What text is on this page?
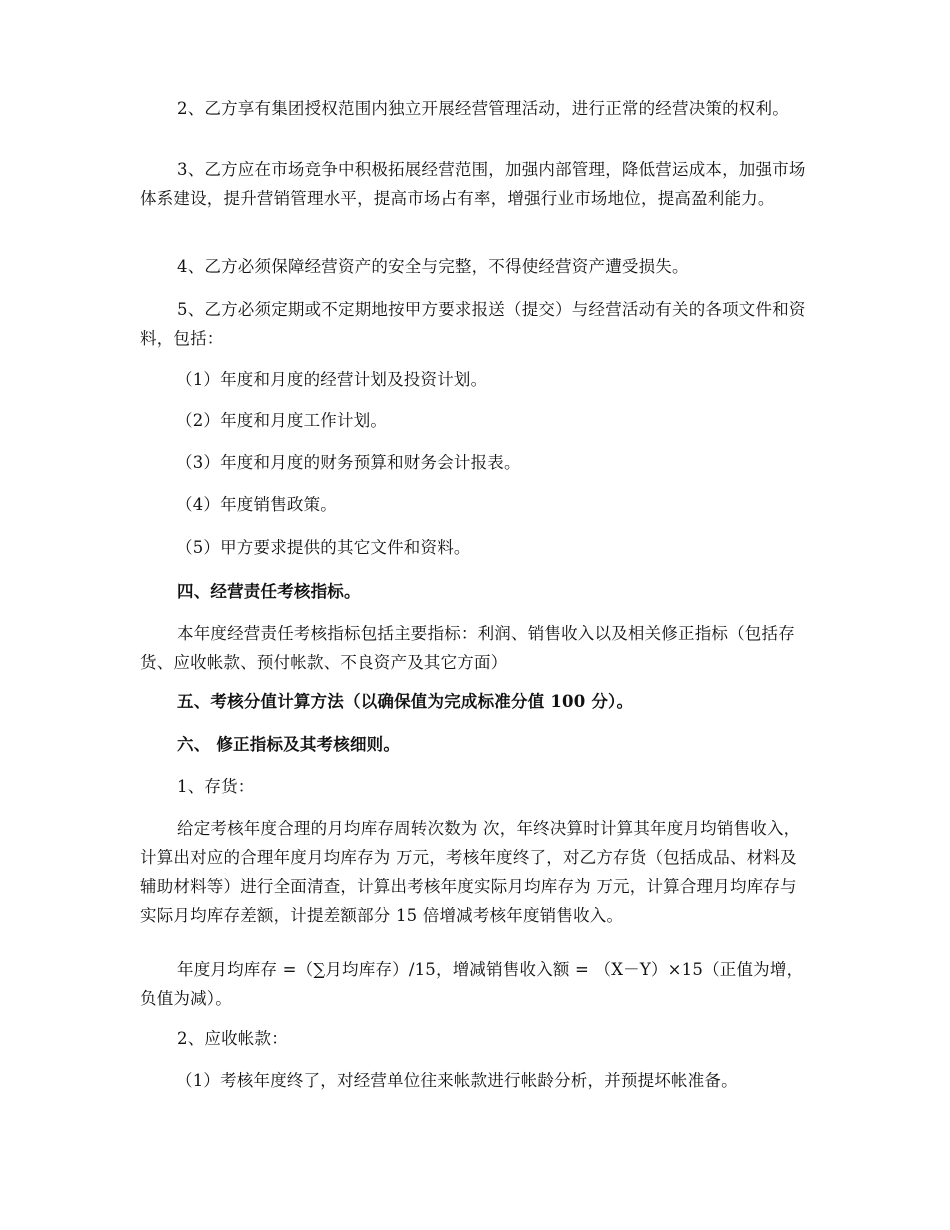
2、乙方享有集团授权范围内独立开展经营管理活动，进行正常的经营决策的权利。

3、乙方应在市场竞争中积极拓展经营范围，加强内部管理，降低营运成本，加强市场体系建设，提升营销管理水平，提高市场占有率，增强行业市场地位，提高盈利能力。

4、乙方必须保障经营资产的安全与完整，不得使经营资产遭受损失。

5、乙方必须定期或不定期地按甲方要求报送（提交）与经营活动有关的各项文件和资料，包括：

（1）年度和月度的经营计划及投资计划。

（2）年度和月度工作计划。

（3）年度和月度的财务预算和财务会计报表。

（4）年度销售政策。

（5）甲方要求提供的其它文件和资料。

四、经营责任考核指标。

本年度经营责任考核指标包括主要指标：利润、销售收入以及相关修正指标（包括存货、应收帐款、预付帐款、不良资产及其它方面）

五、考核分值计算方法（以确保值为完成标准分值 100 分）。

六、 修正指标及其考核细则。

1、存货：

给定考核年度合理的月均库存周转次数为 次，年终决算时计算其年度月均销售收入，计算出对应的合理年度月均库存为 万元，考核年度终了，对乙方存货（包括成品、材料及辅助材料等）进行全面清查，计算出考核年度实际月均库存为 万元，计算合理月均库存与实际月均库存差额，计提差额部分 15 倍增减考核年度销售收入。

年度月均库存 =（∑月均库存）/15，增减销售收入额 = （X－Y）×15（正值为增，负值为减）。

2、应收帐款：

（1）考核年度终了，对经营单位往来帐款进行帐龄分析，并预提坏帐准备。
